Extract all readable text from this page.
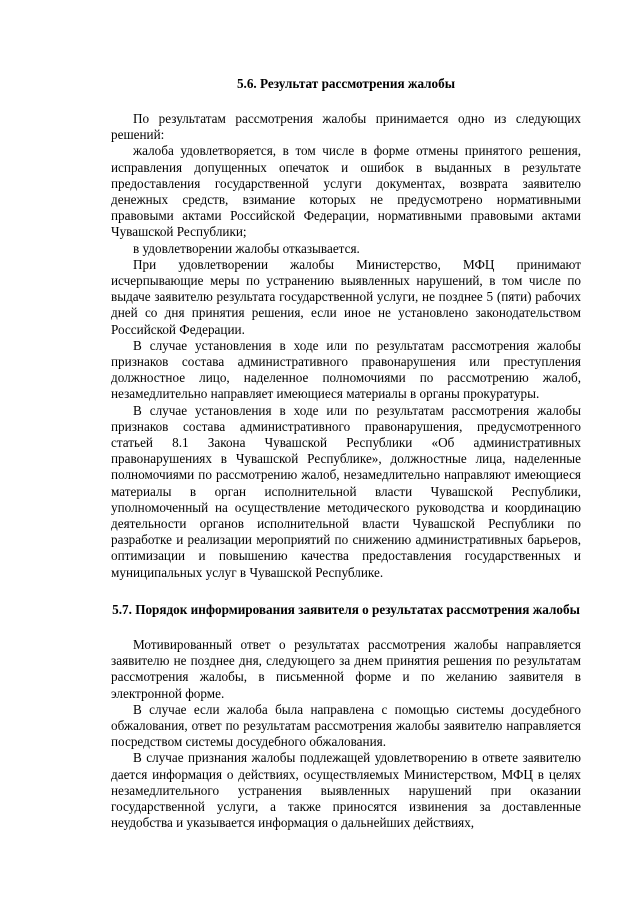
5.6. Результат рассмотрения жалобы

По результатам рассмотрения жалобы принимается одно из следующих решений:

жалоба удовлетворяется, в том числе в форме отмены принятого решения, исправления допущенных опечаток и ошибок в выданных в результате предоставления государственной услуги документах, возврата заявителю денежных средств, взимание которых не предусмотрено нормативными правовыми актами Российской Федерации, нормативными правовыми актами Чувашской Республики;

в удовлетворении жалобы отказывается.

При удовлетворении жалобы Министерство, МФЦ принимают исчерпывающие меры по устранению выявленных нарушений, в том числе по выдаче заявителю результата государственной услуги, не позднее 5 (пяти) рабочих дней со дня принятия решения, если иное не установлено законодательством Российской Федерации.

В случае установления в ходе или по результатам рассмотрения жалобы признаков состава административного правонарушения или преступления должностное лицо, наделенное полномочиями по рассмотрению жалоб, незамедлительно направляет имеющиеся материалы в органы прокуратуры.

В случае установления в ходе или по результатам рассмотрения жалобы признаков состава административного правонарушения, предусмотренного статьей 8.1 Закона Чувашской Республики «Об административных правонарушениях в Чувашской Республике», должностные лица, наделенные полномочиями по рассмотрению жалоб, незамедлительно направляют имеющиеся материалы в орган исполнительной власти Чувашской Республики, уполномоченный на осуществление методического руководства и координацию деятельности органов исполнительной власти Чувашской Республики по разработке и реализации мероприятий по снижению административных барьеров, оптимизации и повышению качества предоставления государственных и муниципальных услуг в Чувашской Республике.

5.7. Порядок информирования заявителя о результатах рассмотрения жалобы

Мотивированный ответ о результатах рассмотрения жалобы направляется заявителю не позднее дня, следующего за днем принятия решения по результатам рассмотрения жалобы, в письменной форме и по желанию заявителя в электронной форме.

В случае если жалоба была направлена с помощью системы досудебного обжалования, ответ по результатам рассмотрения жалобы заявителю направляется посредством системы досудебного обжалования.

В случае признания жалобы подлежащей удовлетворению в ответе заявителю дается информация о действиях, осуществляемых Министерством, МФЦ в целях незамедлительного устранения выявленных нарушений при оказании государственной услуги, а также приносятся извинения за доставленные неудобства и указывается информация о дальнейших действиях,
